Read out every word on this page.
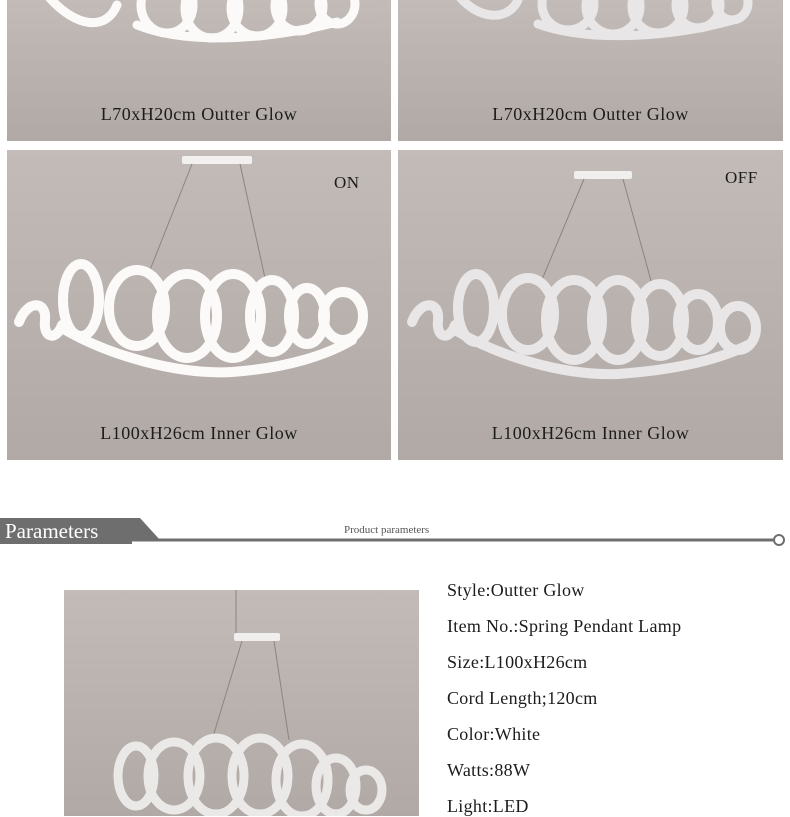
L70xH20cm Outter Glow	L70xH20cm Outter Glow
ON
L100xH26cm Inner Glow
OFF
L100xH26cm Inner Glow
Parameters	Product parameters
Style:Outter Glow
Item No.:Spring Pendant Lamp
Size:L100xH26cm
Cord Length;120cm
Color:White
Watts:88W
Light:LED
